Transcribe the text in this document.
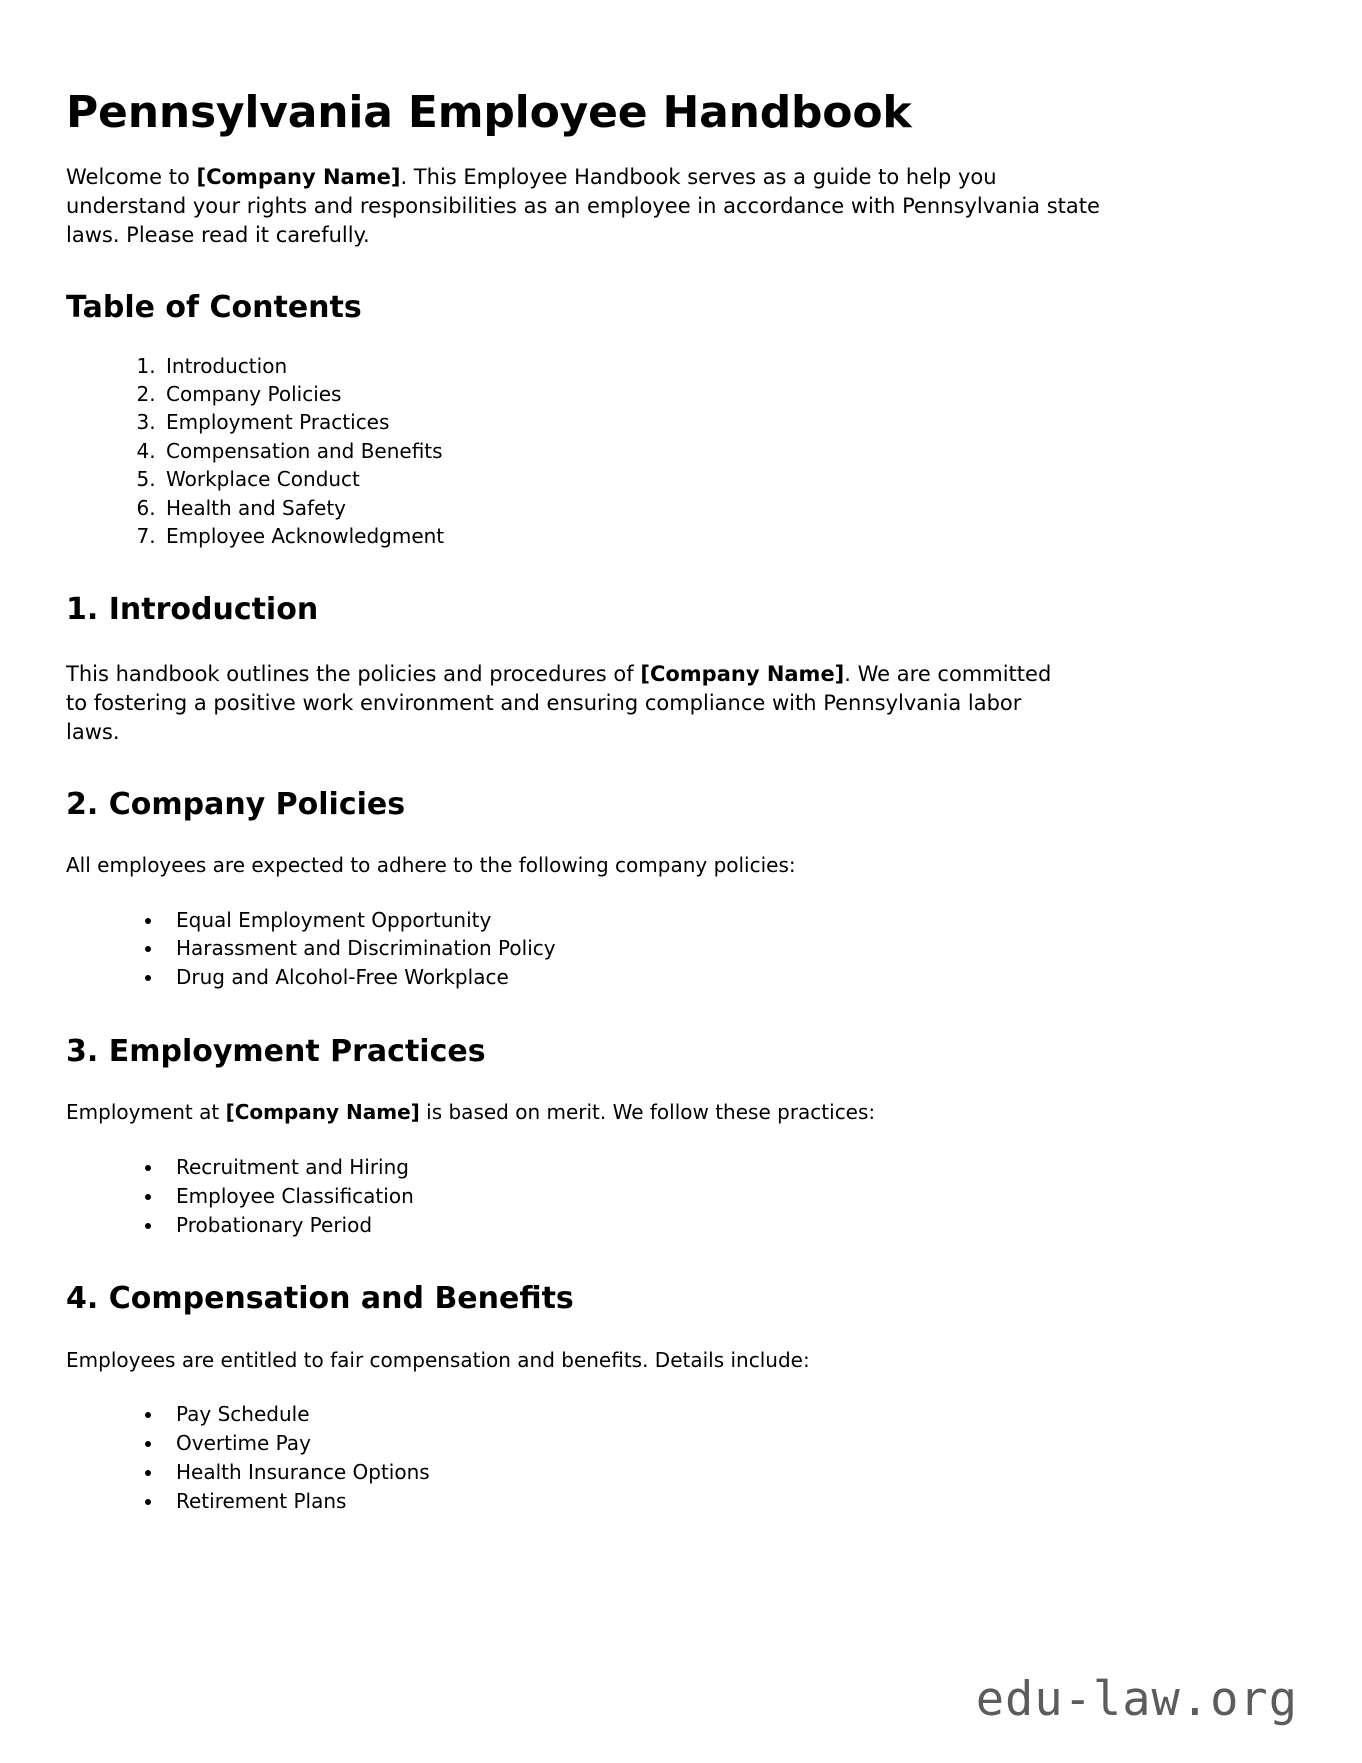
Pennsylvania Employee Handbook

Welcome to [Company Name]. This Employee Handbook serves as a guide to help you understand your rights and responsibilities as an employee in accordance with Pennsylvania state laws. Please read it carefully.

Table of Contents
1. Introduction
2. Company Policies
3. Employment Practices
4. Compensation and Benefits
5. Workplace Conduct
6. Health and Safety
7. Employee Acknowledgment
1. Introduction

This handbook outlines the policies and procedures of [Company Name]. We are committed to fostering a positive work environment and ensuring compliance with Pennsylvania labor laws.

2. Company Policies

All employees are expected to adhere to the following company policies:

• Equal Employment Opportunity
• Harassment and Discrimination Policy
• Drug and Alcohol-Free Workplace
3. Employment Practices

Employment at [Company Name] is based on merit. We follow these practices:

• Recruitment and Hiring
• Employee Classification
• Probationary Period
4. Compensation and Benefits

Employees are entitled to fair compensation and benefits. Details include:

• Pay Schedule
• Overtime Pay
• Health Insurance Options
• Retirement Plans
edu-law.org
